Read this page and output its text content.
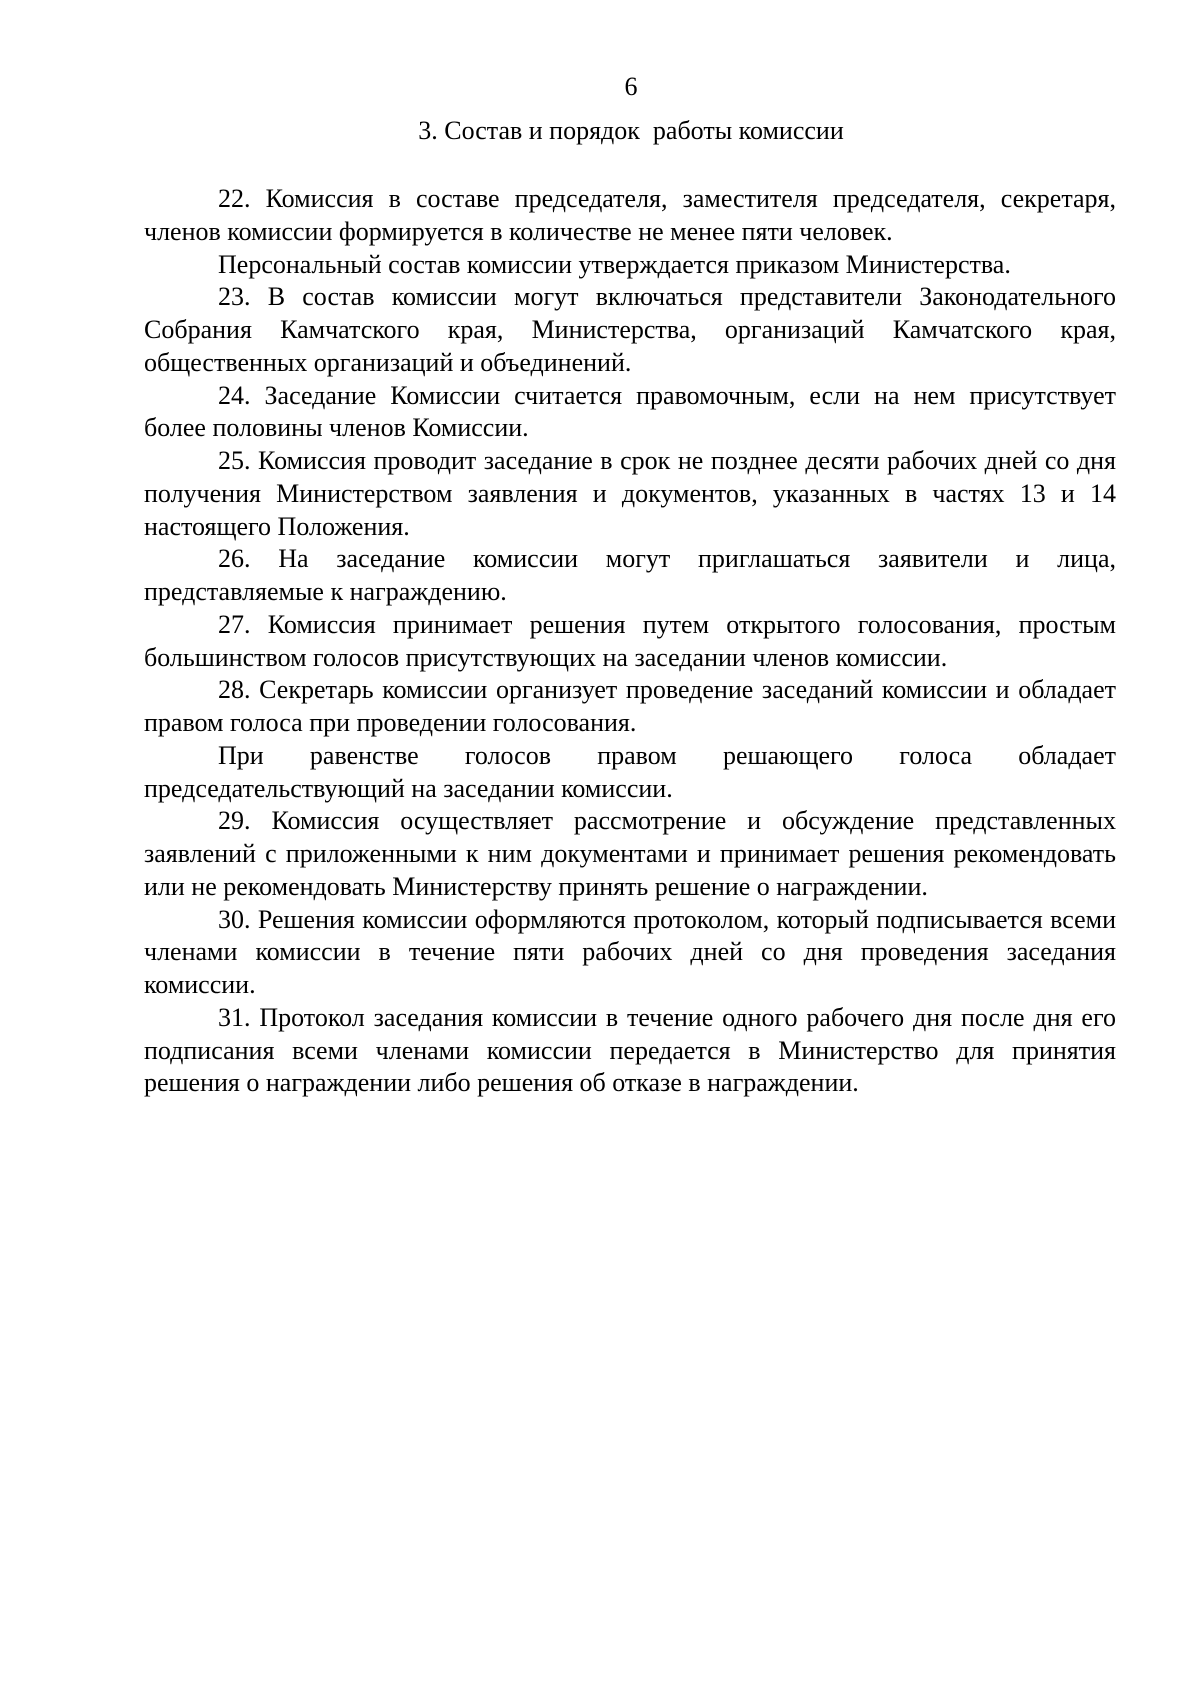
6
3. Состав и порядок  работы комиссии

22. Комиссия в составе председателя, заместителя председателя, секретаря, членов комиссии формируется в количестве не менее пяти человек.

Персональный состав комиссии утверждается приказом Министерства.

23. В состав комиссии могут включаться представители Законодательного Собрания Камчатского края, Министерства, организаций Камчатского края, общественных организаций и объединений.

24. Заседание Комиссии считается правомочным, если на нем присутствует более половины членов Комиссии.

25. Комиссия проводит заседание в срок не позднее десяти рабочих дней со дня получения Министерством заявления и документов, указанных в частях 13 и 14 настоящего Положения.

26. На заседание комиссии могут приглашаться заявители и лица, представляемые к награждению.

27. Комиссия принимает решения путем открытого голосования, простым большинством голосов присутствующих на заседании членов комиссии.

28. Секретарь комиссии организует проведение заседаний комиссии и обладает правом голоса при проведении голосования.

При равенстве голосов правом решающего голоса обладает председательствующий на заседании комиссии.

29. Комиссия осуществляет рассмотрение и обсуждение представленных заявлений с приложенными к ним документами и принимает решения рекомендовать или не рекомендовать Министерству принять решение о награждении.

30. Решения комиссии оформляются протоколом, который подписывается всеми членами комиссии в течение пяти рабочих дней со дня проведения заседания комиссии.

31. Протокол заседания комиссии в течение одного рабочего дня после дня его подписания всеми членами комиссии передается в Министерство для принятия решения о награждении либо решения об отказе в награждении.
